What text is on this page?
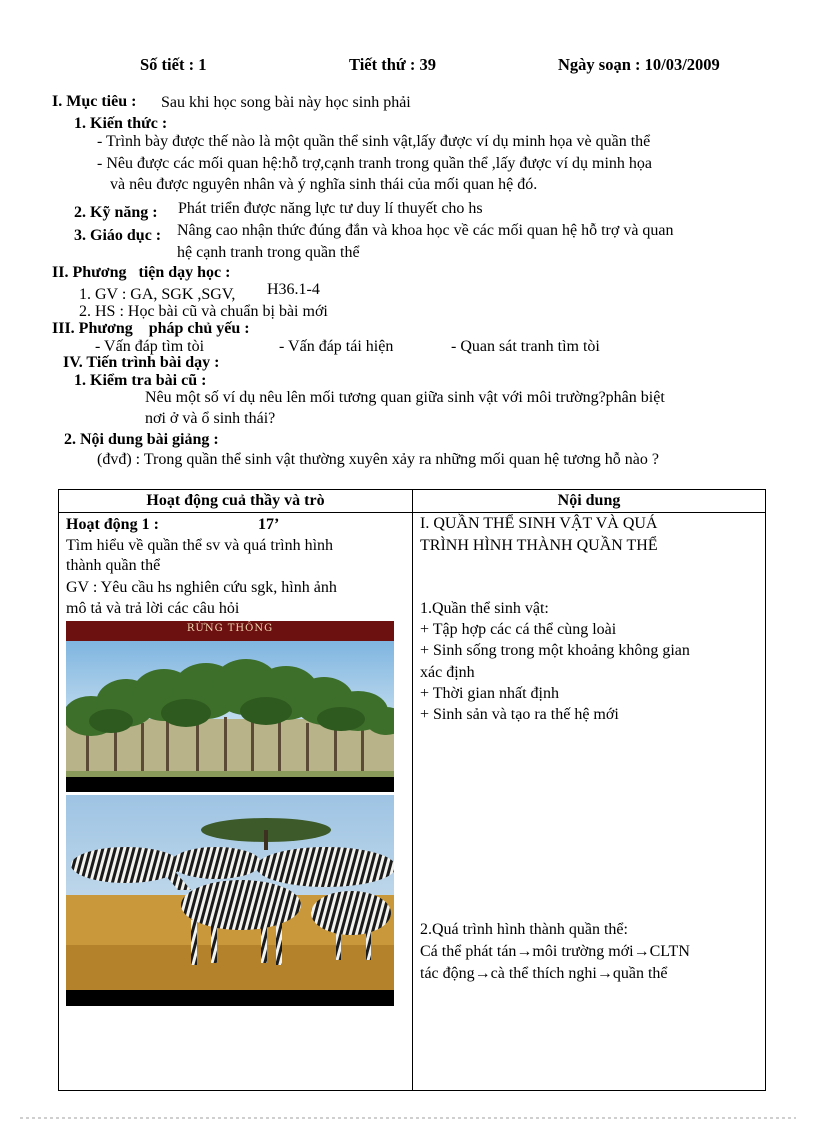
Số tiết : 1	Tiết thứ : 39	Ngày soạn : 10/03/2009
I. Mục tiêu : Sau khi học song bài này học sinh phải
1. Kiến thức :
- Trình bày được thế nào là một quần thể sinh vật,lấy được ví dụ minh họa vè quần thể
- Nêu được các mối quan hệ:hỗ trợ,cạnh tranh trong quần thể ,lấy được ví dụ minh họa
và nêu được nguyên nhân và ý nghĩa sinh thái của mối quan hệ đó.
2. Kỹ năng : Phát triển được năng lực tư duy lí thuyết cho hs
3. Giáo dục : Nâng cao nhận thức đúng đắn và khoa học về các mối quan hệ hỗ trợ và quan
hệ cạnh tranh trong quần thể
II. Phương   tiện dạy học :
1. GV : GA, SGK ,SGV, H36.1-4
2. HS : Học bài cũ và chuẩn bị bài mới
III. Phương    pháp chủ yếu :
- Vấn đáp tìm tòi	- Vấn đáp tái hiện	- Quan sát tranh tìm tòi
IV. Tiến trình bài dạy :
1. Kiểm tra bài cũ :
Nêu một số ví dụ nêu lên mối tương quan giữa sinh vật với môi trường?phân biệt
nơi ở và ổ sinh thái?
2. Nội dung bài giảng :
(đvđ) : Trong quần thể sinh vật thường xuyên xảy ra những mối quan hệ tương hỗ nào ?
Hoạt động cuả thầy và trò	Nội dung
Hoạt động 1 :	17’
Tìm hiểu về quần thể sv và quá trình hình
thành quần thể
GV : Yêu cầu hs nghiên cứu sgk, hình ảnh
mô tả và trả lời các câu hỏi
RỪNG THÔNG
I. QUẦN THỂ SINH VẬT VÀ QUÁ
TRÌNH HÌNH THÀNH QUẦN THỂ
1.Quần thể sinh vật:
+ Tập hợp các cá thể cùng loài
+ Sinh sống trong một khoảng không gian
xác định
+ Thời gian nhất định
+ Sinh sản và tạo ra thế hệ mới
2.Quá trình hình thành quần thể:
Cá thể phát tán→môi trường mới→CLTN
tác động→cà thể thích nghi→quần thể
